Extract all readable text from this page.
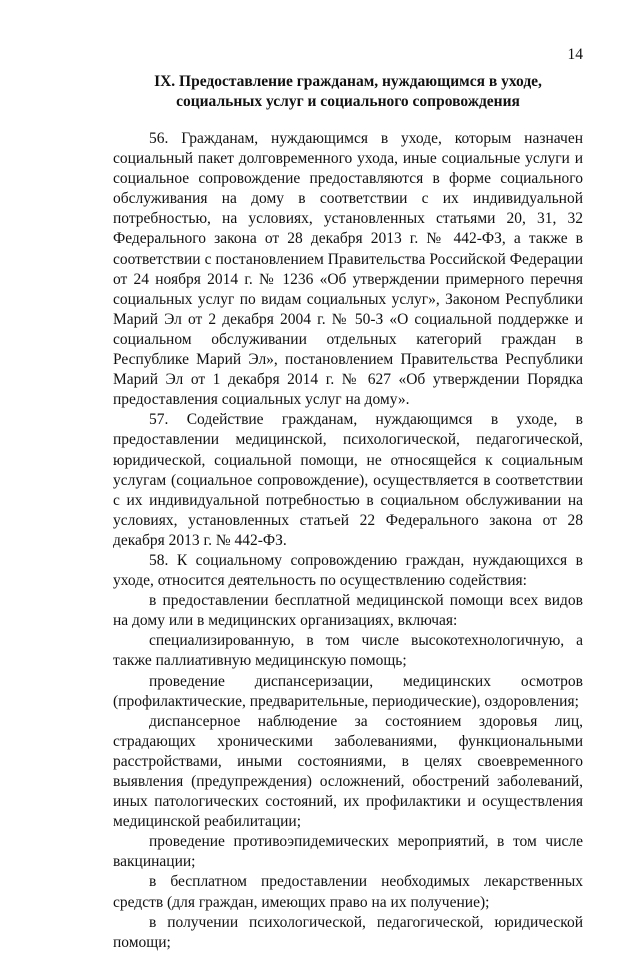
14
IX. Предоставление гражданам, нуждающимся в уходе,
социальных услуг и социального сопровождения

56. Гражданам, нуждающимся в уходе, которым назначен социальный пакет долговременного ухода, иные социальные услуги и социальное сопровождение предоставляются в форме социального обслуживания на дому в соответствии с их индивидуальной потребностью, на условиях, установленных статьями 20, 31, 32 Федерального закона от 28 декабря 2013 г. № 442-ФЗ, а также в соответствии с постановлением Правительства Российской Федерации от 24 ноября 2014 г. № 1236 «Об утверждении примерного перечня социальных услуг по видам социальных услуг», Законом Республики Марий Эл от 2 декабря 2004 г. № 50-З «О социальной поддержке и социальном обслуживании отдельных категорий граждан в Республике Марий Эл», постановлением Правительства Республики Марий Эл от 1 декабря 2014 г. № 627 «Об утверждении Порядка предоставления социальных услуг на дому».

57. Содействие гражданам, нуждающимся в уходе, в предоставлении медицинской, психологической, педагогической, юридической, социальной помощи, не относящейся к социальным услугам (социальное сопровождение), осуществляется в соответствии с их индивидуальной потребностью в социальном обслуживании на условиях, установленных статьей 22 Федерального закона от 28 декабря 2013 г. № 442-ФЗ.

58. К социальному сопровождению граждан, нуждающихся в уходе, относится деятельность по осуществлению содействия:

в предоставлении бесплатной медицинской помощи всех видов на дому или в медицинских организациях, включая:

специализированную, в том числе высокотехнологичную, а также паллиативную медицинскую помощь;

проведение диспансеризации, медицинских осмотров (профилактические, предварительные, периодические), оздоровления;

диспансерное наблюдение за состоянием здоровья лиц, страдающих хроническими заболеваниями, функциональными расстройствами, иными состояниями, в целях своевременного выявления (предупреждения) осложнений, обострений заболеваний, иных патологических состояний, их профилактики и осуществления медицинской реабилитации;

проведение противоэпидемических мероприятий, в том числе вакцинации;

в бесплатном предоставлении необходимых лекарственных средств (для граждан, имеющих право на их получение);

в получении психологической, педагогической, юридической помощи;
